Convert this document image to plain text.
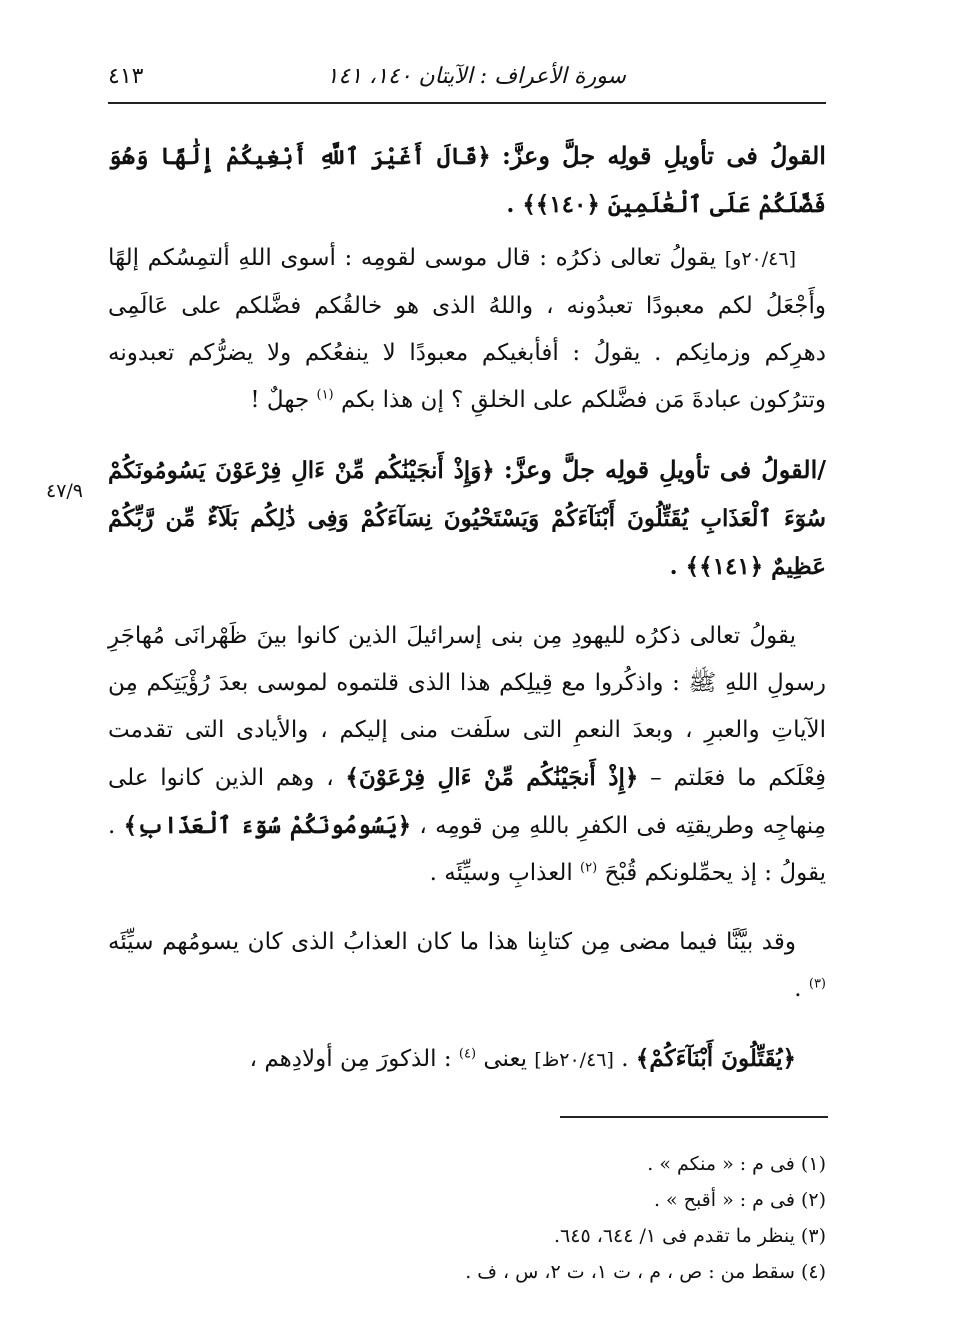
سورة الأعراف : الآيتان ١٤٠، ١٤١
٤١٣
٤٧/٩

القولُ فى تأويلِ قولِه جلَّ وعزَّ: ﴿قَالَ أَغَيْرَ ٱللَّهِ أَبْغِيكُمْ إِلَٰهًا وَهُوَ فَضَّلَكُمْ عَلَى ٱلْعَٰلَمِينَ ﴿١٤٠﴾﴾ .

[٢٠/٤٦و] يقولُ تعالى ذكرُه : قال موسى لقومِه : أسوى اللهِ ألتمِسُكم إلهًا وأَجْعَلُ لكم معبودًا تعبدُونه ، واللهُ الذى هو خالقُكم فضَّلكم على عَالَمِى دهرِكم وزمانِكم . يقولُ : أفأبغيكم معبودًا لا ينفعُكم ولا يضرُّكم تعبدونه وتترُكون عبادةَ مَن فضَّلكم على الخلقِ ؟ إن هذا بكم $^{(١)}$ جهلٌ !

/القولُ فى تأويلِ قولِه جلَّ وعزَّ: ﴿وَإِذْ أَنجَيْنَٰكُم مِّنْ ءَالِ فِرْعَوْنَ يَسُومُونَكُمْ سُوٓءَ ٱلْعَذَابِ يُقَتِّلُونَ أَبْنَآءَكُمْ وَيَسْتَحْيُونَ نِسَآءَكُمْ وَفِى ذَٰلِكُم بَلَآءٌ مِّن رَّبِّكُمْ عَظِيمٌ ﴿١٤١﴾﴾ .

يقولُ تعالى ذكرُه لليهودِ مِن بنى إسرائيلَ الذين كانوا بينَ ظَهْرانَى مُهاجَرِ رسولِ اللهِ ﷺ : واذكُروا مع قِيلِكم هذا الذى قلتموه لموسى بعدَ رُؤْيَتِكم مِن الآياتِ والعبرِ ، وبعدَ النعمِ التى سلَفت منى إليكم ، والأيادى التى تقدمت فِعْلَكم ما فعَلتم – ﴿إِذْ أَنجَيْنَٰكُم مِّنْ ءَالِ فِرْعَوْنَ﴾ ، وهم الذين كانوا على مِنهاجِه وطريقتِه فى الكفرِ باللهِ مِن قومِه ، ﴿يَسُومُونَكُمْ سُوٓءَ ٱلْعَذَابِ﴾ . يقولُ : إذ يحمِّلونكم قُبْحَ $^{(٢)}$ العذابِ وسيِّئَه .

وقد بيَّنَّا فيما مضى مِن كتابِنا هذا ما كان العذابُ الذى كان يسومُهم سيِّئَه $^{(٣)}$ .

﴿يُقَتِّلُونَ أَبْنَآءَكُمْ﴾ . [٢٠/٤٦ظ] يعنى $^{(٤)}$ : الذكورَ مِن أولادِهم ،

(١) فى م : « منكم » .
(٢) فى م : « أقبح » .
(٣) ينظر ما تقدم فى ١/ ٦٤٤، ٦٤٥.
(٤) سقط من : ص ، م ، ت ١، ت ٢، س ، ف .
